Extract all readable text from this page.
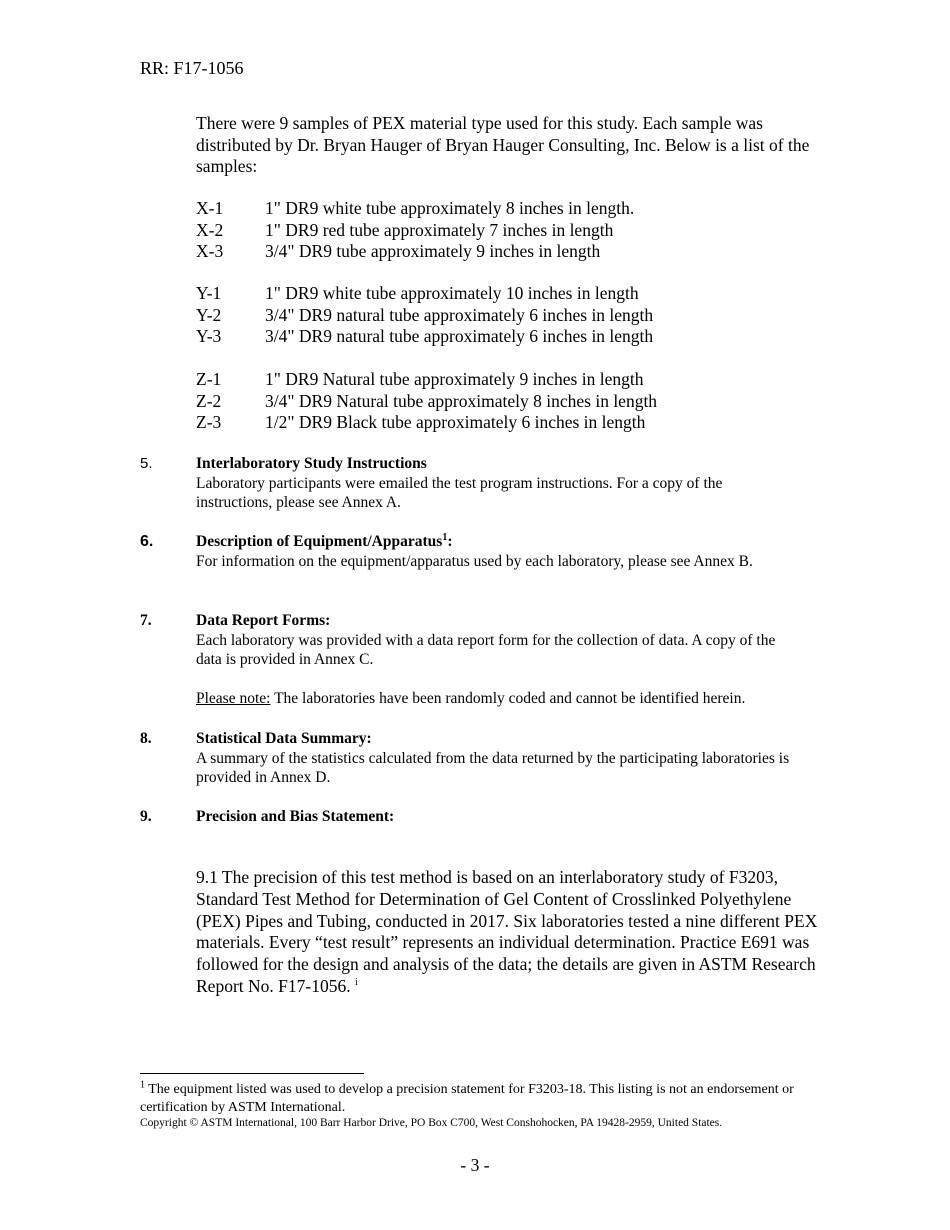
RR: F17-1056
There were 9 samples of PEX material type used for this study. Each sample was distributed by Dr. Bryan Hauger of Bryan Hauger Consulting, Inc. Below is a list of the samples:
X-1	1" DR9 white tube approximately 8 inches in length.
X-2	1" DR9 red tube approximately 7 inches in length
X-3	3/4" DR9 tube approximately 9 inches in length
Y-1	1" DR9 white tube approximately 10 inches in length
Y-2	3/4" DR9 natural tube approximately 6 inches in length
Y-3	3/4" DR9 natural tube approximately 6 inches in length
Z-1	1" DR9 Natural tube approximately 9 inches in length
Z-2	3/4" DR9 Natural tube approximately 8 inches in length
Z-3	1/2" DR9 Black tube approximately 6 inches in length
5.	Interlaboratory Study Instructions
Laboratory participants were emailed the test program instructions. For a copy of the instructions, please see Annex A.
6.	Description of Equipment/Apparatus$^1$:
For information on the equipment/apparatus used by each laboratory, please see Annex B.
7.	Data Report Forms:
Each laboratory was provided with a data report form for the collection of data. A copy of the data is provided in Annex C.
Please note: The laboratories have been randomly coded and cannot be identified herein.
8.	Statistical Data Summary:
A summary of the statistics calculated from the data returned by the participating laboratories is provided in Annex D.
9.	Precision and Bias Statement:
9.1 The precision of this test method is based on an interlaboratory study of F3203, Standard Test Method for Determination of Gel Content of Crosslinked Polyethylene (PEX) Pipes and Tubing, conducted in 2017. Six laboratories tested a nine different PEX materials. Every “test result” represents an individual determination. Practice E691 was followed for the design and analysis of the data; the details are given in ASTM Research Report No. F17-1056. $^i$
$^1$ The equipment listed was used to develop a precision statement for F3203-18. This listing is not an endorsement or certification by ASTM International.
Copyright © ASTM International, 100 Barr Harbor Drive, PO Box C700, West Conshohocken, PA 19428-2959, United States.
- 3 -
